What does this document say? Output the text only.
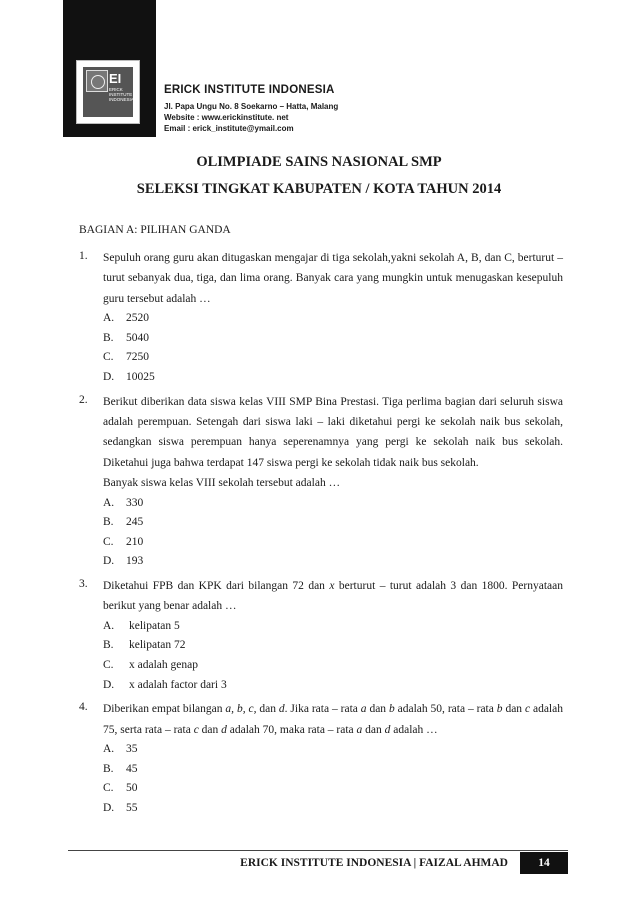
EI
ERICK INSTITUTE INDONESIA
ERICK INSTITUTE INDONESIA
Jl. Papa Ungu No. 8 Soekarno – Hatta, Malang
Website : www.erickinstitute. net
Email : erick_institute@ymail.com
OLIMPIADE SAINS NASIONAL SMP
SELEKSI TINGKAT KABUPATEN / KOTA TAHUN 2014
BAGIAN A: PILIHAN GANDA
1.	Sepuluh orang guru akan ditugaskan mengajar di tiga sekolah,yakni sekolah A, B, dan C, berturut – turut sebanyak dua, tiga, dan lima orang. Banyak cara yang mungkin untuk menugaskan kesepuluh guru tersebut adalah …
A.	2520
B.	5040
C.	7250
D.	10025
2.	Berikut diberikan data siswa kelas VIII SMP Bina Prestasi. Tiga perlima bagian dari seluruh siswa adalah perempuan. Setengah dari siswa laki – laki diketahui pergi ke sekolah naik bus sekolah, sedangkan siswa perempuan hanya seperenamnya yang pergi ke sekolah naik bus sekolah. Diketahui juga bahwa terdapat 147 siswa pergi ke sekolah tidak naik bus sekolah.
Banyak siswa kelas VIII sekolah tersebut adalah …
A.	330
B.	245
C.	210
D.	193
3.	Diketahui FPB dan KPK dari bilangan 72 dan x berturut – turut adalah 3 dan 1800. Pernyataan berikut yang benar adalah …
A.	kelipatan 5
B.	kelipatan 72
C.	x adalah genap
D.	x adalah factor dari 3
4.	Diberikan empat bilangan a, b, c, dan d. Jika rata – rata a dan b adalah 50, rata – rata b dan c adalah 75, serta rata – rata c dan d adalah 70, maka rata – rata a dan d adalah …
A.	35
B.	45
C.	50
D.	55
ERICK INSTITUTE INDONESIA | FAIZAL AHMAD	14
